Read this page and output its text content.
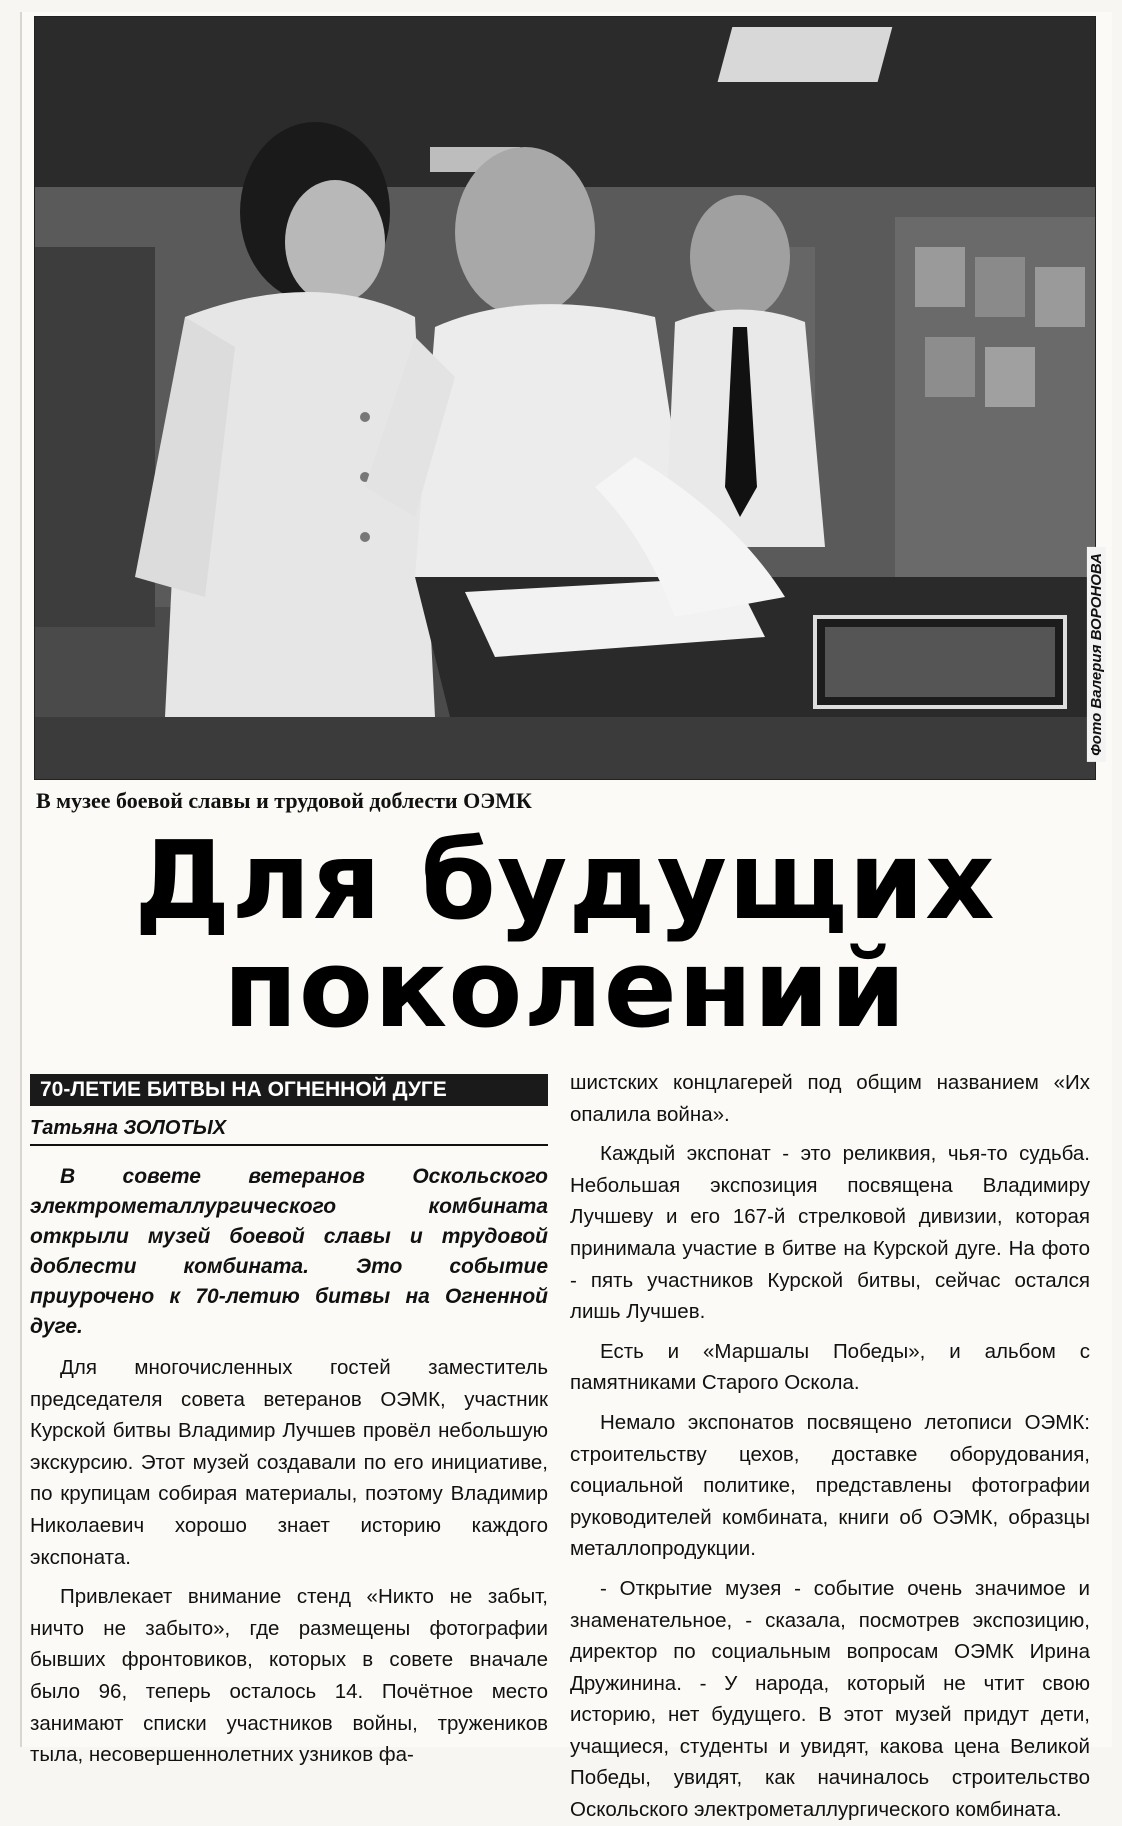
Фото Валерия ВОРОНОВА
В музее боевой славы и трудовой доблести ОЭМК
Для будущих
поколений
70-ЛЕТИЕ БИТВЫ НА ОГНЕННОЙ ДУГЕ
Татьяна ЗОЛОТЫХ

В совете ветеранов Оскольского электрометаллургического комбината открыли музей боевой славы и трудовой доблести комбината. Это событие приурочено к 70-летию битвы на Огненной дуге.

Для многочисленных гостей заместитель председателя совета ветеранов ОЭМК, участник Курской битвы Владимир Лучшев провёл небольшую экскурсию. Этот музей создавали по его инициативе, по крупицам собирая материалы, поэтому Владимир Николаевич хорошо знает историю каждого экспоната.

Привлекает внимание стенд «Никто не забыт, ничто не забыто», где размещены фотографии бывших фронтовиков, которых в совете вначале было 96, теперь осталось 14. Почётное место занимают списки участников войны, тружеников тыла, несовершеннолетних узников фа-

шистских концлагерей под общим названием «Их опалила война».

Каждый экспонат - это реликвия, чья-то судьба. Небольшая экспозиция посвящена Владимиру Лучшеву и его 167-й стрелковой дивизии, которая принимала участие в битве на Курской дуге. На фото - пять участников Курской битвы, сейчас остался лишь Лучшев.

Есть и «Маршалы Победы», и альбом с памятниками Старого Оскола.

Немало экспонатов посвящено летописи ОЭМК: строительству цехов, доставке оборудования, социальной политике, представлены фотографии руководителей комбината, книги об ОЭМК, образцы металлопродукции.

- Открытие музея - событие очень значимое и знаменательное, - сказала, посмотрев экспозицию, директор по социальным вопросам ОЭМК Ирина Дружинина. - У народа, который не чтит свою историю, нет будущего. В этот музей придут дети, учащиеся, студенты и увидят, какова цена Великой Победы, увидят, как начиналось строительство Оскольского электрометаллургического комбината.
